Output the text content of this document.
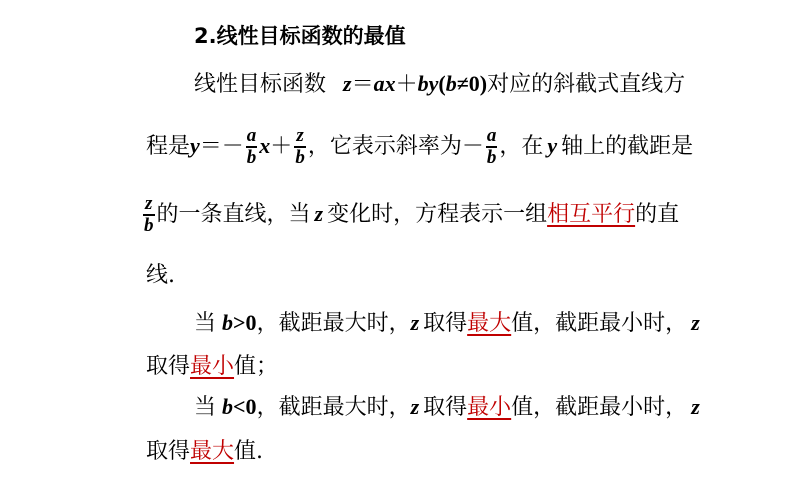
2.线性目标函数的最值
线性目标函数 z＝ax＋by(b≠0)对应的斜截式直线方
程是$y=- \frac{a}{b} x+ \frac{z}{b}$ ，它表示斜率为－ $\frac{a}{b}$ ，在 y 轴上的截距是
$\frac{z}{b}$ 的一条直线，当 z 变化时，方程表示一组相互平行的直
线.
当 b>0，截距最大时，z 取得最大值，截距最小时， z
取得最小值；
当 b<0，截距最大时，z 取得最小值，截距最小时， z
取得最大值.
